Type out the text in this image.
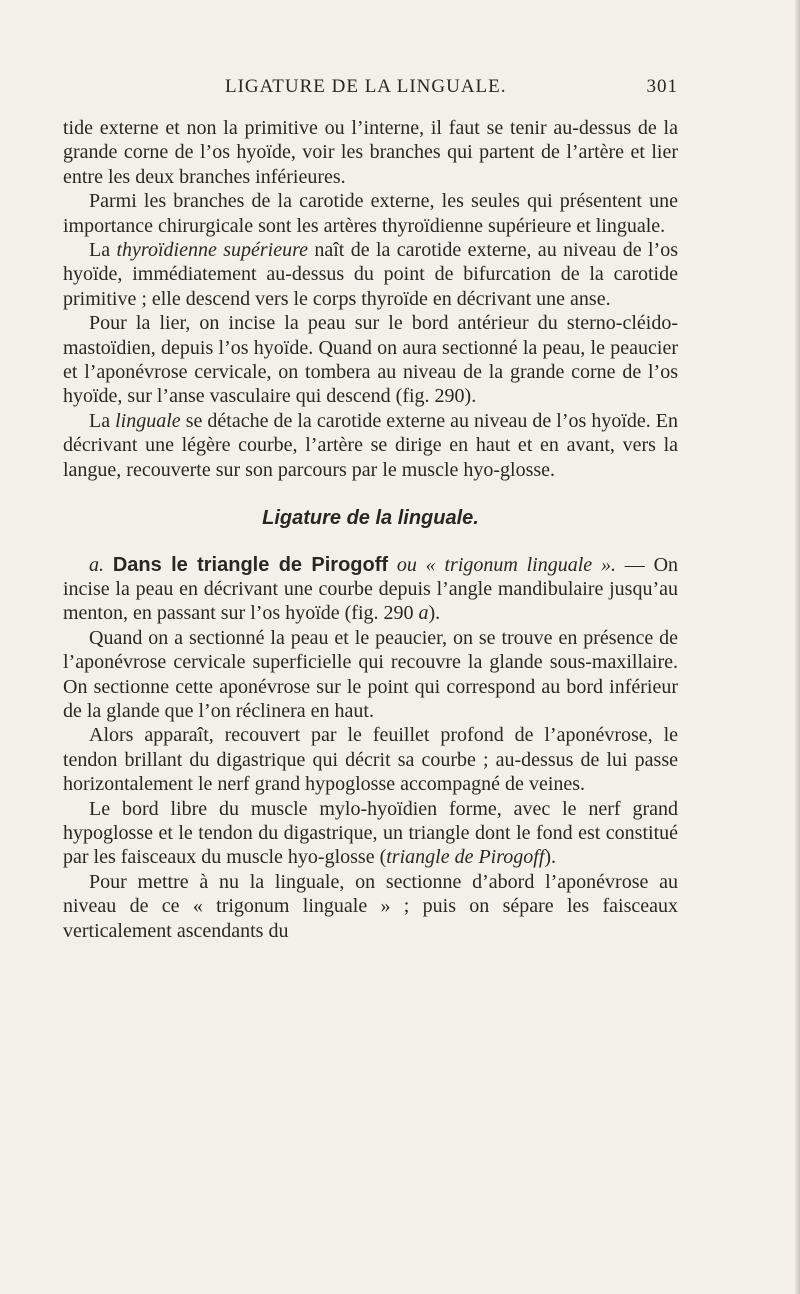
LIGATURE DE LA LINGUALE.	301

tide externe et non la primitive ou l’interne, il faut se tenir au-dessus de la grande corne de l’os hyoïde, voir les branches qui partent de l’artère et lier entre les deux branches inférieures.

Parmi les branches de la carotide externe, les seules qui présentent une importance chirurgicale sont les artères thyroïdienne supérieure et linguale.

La thyroïdienne supérieure naît de la carotide externe, au niveau de l’os hyoïde, immédiatement au-dessus du point de bifurcation de la carotide primitive ; elle descend vers le corps thyroïde en décrivant une anse.

Pour la lier, on incise la peau sur le bord antérieur du sterno-cléido-mastoïdien, depuis l’os hyoïde. Quand on aura sectionné la peau, le peaucier et l’aponévrose cervicale, on tombera au niveau de la grande corne de l’os hyoïde, sur l’anse vasculaire qui descend (fig. 290).

La linguale se détache de la carotide externe au niveau de l’os hyoïde. En décrivant une légère courbe, l’artère se dirige en haut et en avant, vers la langue, recouverte sur son parcours par le muscle hyo-glosse.

Ligature de la linguale.

a. Dans le triangle de Pirogoff ou « trigonum linguale ». — On incise la peau en décrivant une courbe depuis l’angle mandibulaire jusqu’au menton, en passant sur l’os hyoïde (fig. 290 a).

Quand on a sectionné la peau et le peaucier, on se trouve en présence de l’aponévrose cervicale superficielle qui recouvre la glande sous-maxillaire. On sectionne cette aponévrose sur le point qui correspond au bord inférieur de la glande que l’on réclinera en haut.

Alors apparaît, recouvert par le feuillet profond de l’aponévrose, le tendon brillant du digastrique qui décrit sa courbe ; au-dessus de lui passe horizontalement le nerf grand hypoglosse accompagné de veines.

Le bord libre du muscle mylo-hyoïdien forme, avec le nerf grand hypoglosse et le tendon du digastrique, un triangle dont le fond est constitué par les faisceaux du muscle hyo-glosse (triangle de Pirogoff).

Pour mettre à nu la linguale, on sectionne d’abord l’aponévrose au niveau de ce « trigonum linguale » ; puis on sépare les faisceaux verticalement ascendants du
